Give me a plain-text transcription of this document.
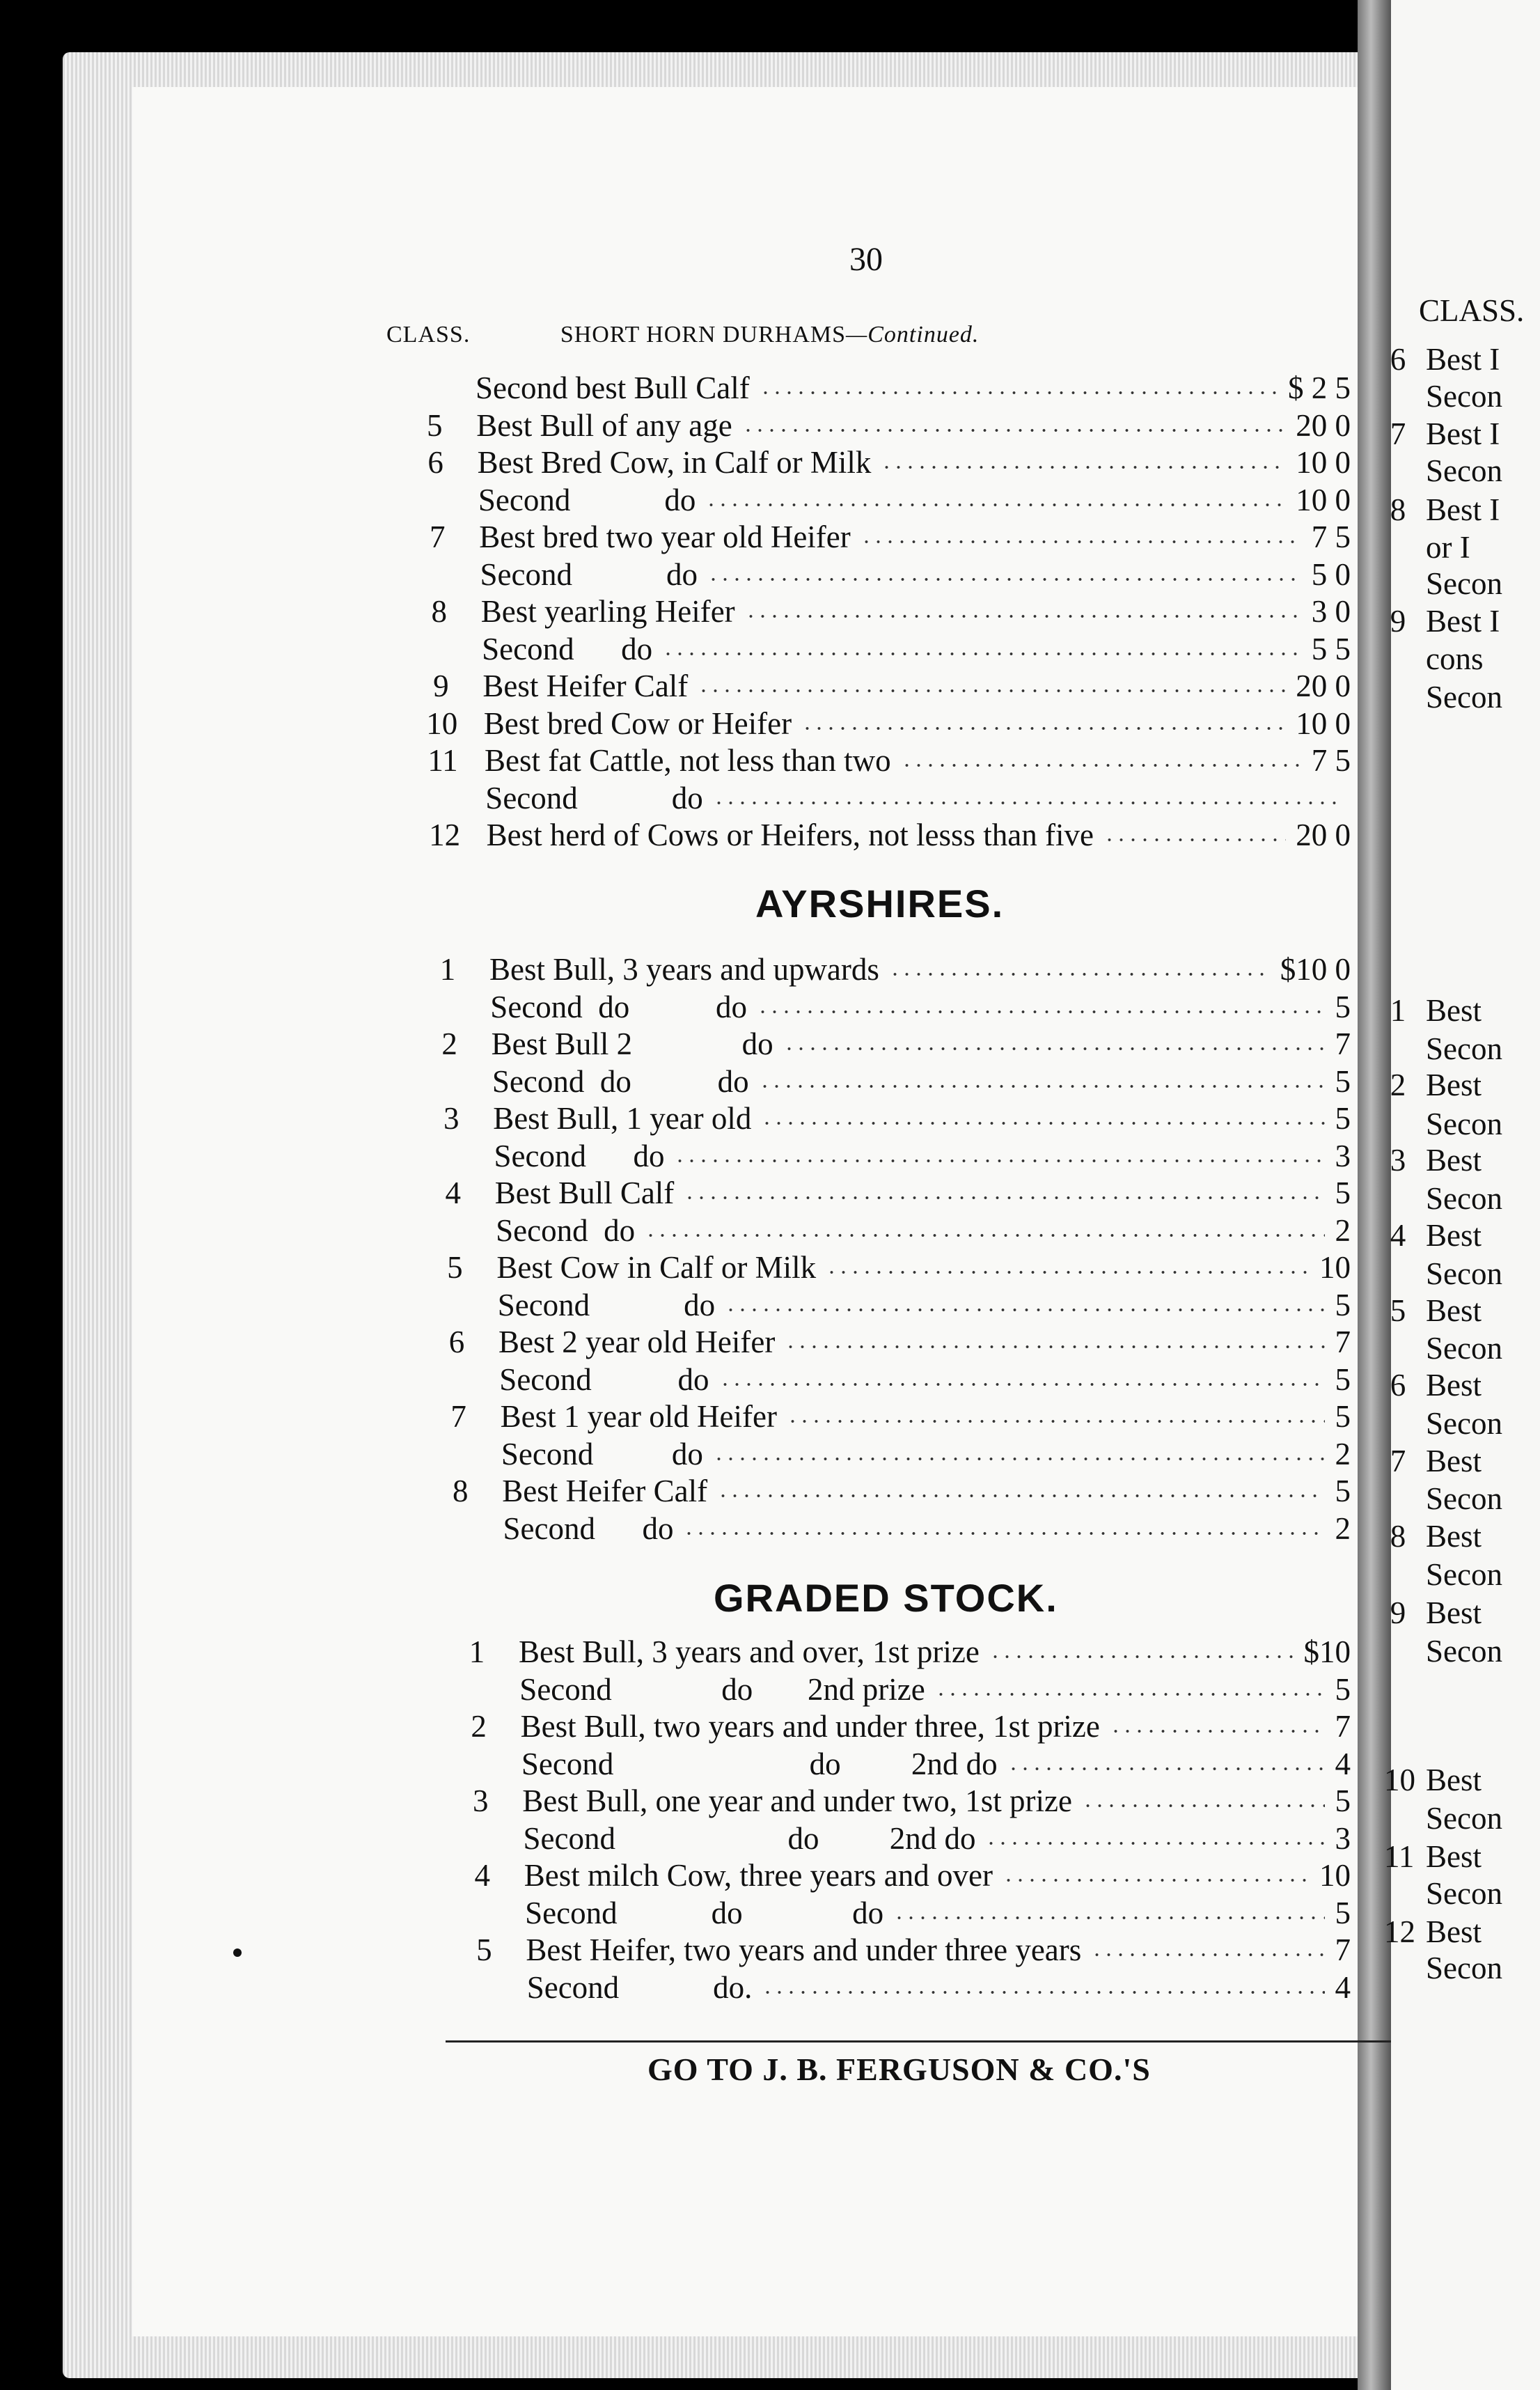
30
CLASS.	SHORT HORN DURHAMS—Continued.
Second best Bull Calf	$ 2 5
5	Best Bull of any age	20 0
6	Best Bred Cow, in Calf or Milk	10 0
Second            do	10 0
7	Best bred two year old Heifer	7 5
Second            do	5 0
8	Best yearling Heifer	3 0
Second      do	5 5
9	Best Heifer Calf	20 0
10 Best bred Cow or Heifer	10 0
11 Best fat Cattle, not less than two	7 5
Second            do
12 Best herd of Cows or Heifers, not lesss than five	20 0
AYRSHIRES.
1	Best Bull, 3 years and upwards	$10 0
Second  do           do	5
2	Best Bull 2              do	7
Second  do           do	5
3	Best Bull, 1 year old	5
Second      do	3
4	Best Bull Calf	5
Second  do	2
5	Best Cow in Calf or Milk	10
Second            do	5
6	Best 2 year old Heifer	7
Second           do	5
7	Best 1 year old Heifer	5
Second          do	2
8	Best Heifer Calf	5
Second      do	2
GRADED STOCK.
1	Best Bull, 3 years and over, 1st prize	$10
Second              do       2nd prize	5
2	Best Bull, two years and under three, 1st prize	7
Second                         do         2nd do	4
3	Best Bull, one year and under two, 1st prize	5
Second                      do         2nd do	3
4	Best milch Cow, three years and over	10
Second            do              do	5
5	Best Heifer, two years and under three years	7
Second            do.	4
GO TO J. B. FERGUSON & CO.'S
CLASS.
6 Best I
Secon
7 Best I
Secon
8 Best I
or I
Secon
9 Best I
cons
Secon
1 Best
Secon
2 Best
Secon
3 Best
Secon
4 Best
Secon
5 Best
Secon
6 Best
Secon
7 Best
Secon
8 Best
Secon
9 Best
Secon
10 Best
Secon
11 Best
Secon
12 Best
Secon
